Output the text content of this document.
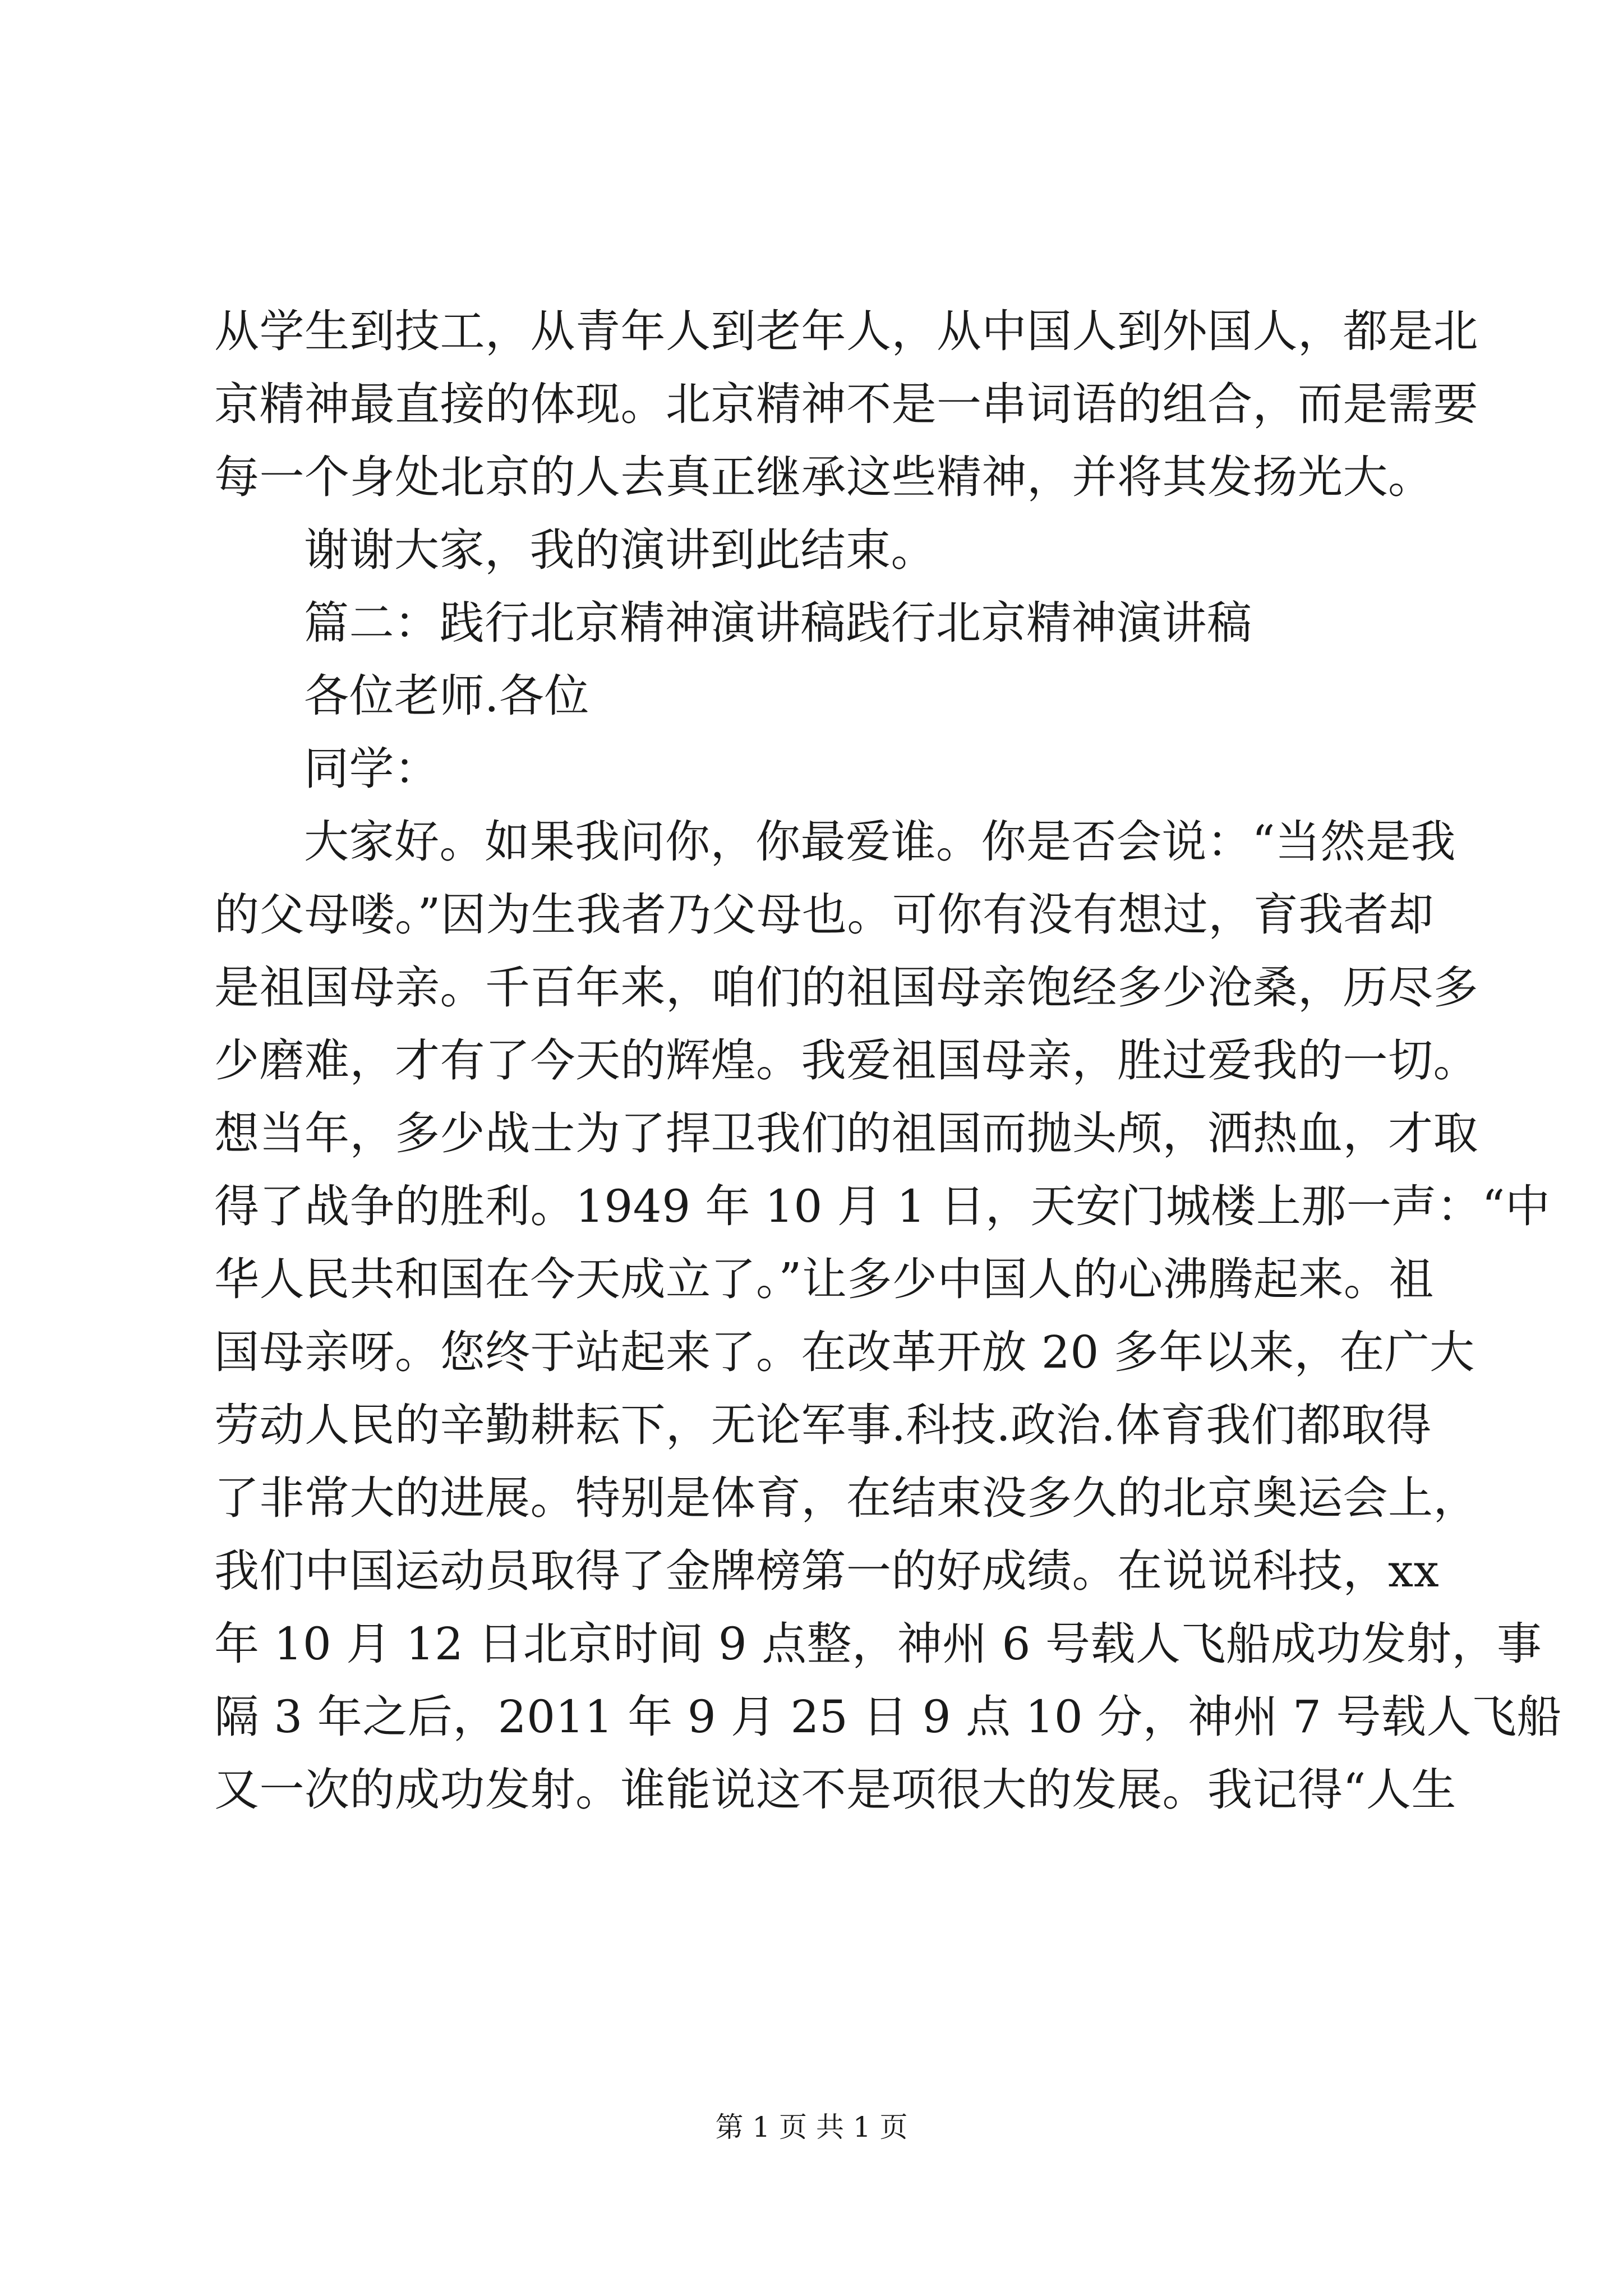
从学生到技工，从青年人到老年人，从中国人到外国人，都是北
京精神最直接的体现。北京精神不是一串词语的组合，而是需要
每一个身处北京的人去真正继承这些精神，并将其发扬光大。
谢谢大家，我的演讲到此结束。
篇二：践行北京精神演讲稿践行北京精神演讲稿
各位老师.各位
同学：
大家好。如果我问你，你最爱谁。你是否会说：“当然是我
的父母喽。”因为生我者乃父母也。可你有没有想过，育我者却
是祖国母亲。千百年来，咱们的祖国母亲饱经多少沧桑，历尽多
少磨难，才有了今天的辉煌。我爱祖国母亲，胜过爱我的一切。
想当年，多少战士为了捍卫我们的祖国而抛头颅，洒热血，才取
得了战争的胜利。1949 年 10 月 1 日，天安门城楼上那一声：“中
华人民共和国在今天成立了。”让多少中国人的心沸腾起来。祖
国母亲呀。您终于站起来了。在改革开放 20 多年以来，在广大
劳动人民的辛勤耕耘下，无论军事.科技.政治.体育我们都取得
了非常大的进展。特别是体育，在结束没多久的北京奥运会上，
我们中国运动员取得了金牌榜第一的好成绩。在说说科技，xx
年 10 月 12 日北京时间 9 点整，神州 6 号载人飞船成功发射，事
隔 3 年之后，2011 年 9 月 25 日 9 点 10 分，神州 7 号载人飞船
又一次的成功发射。谁能说这不是项很大的发展。我记得“人生
第 1 页 共 1 页
